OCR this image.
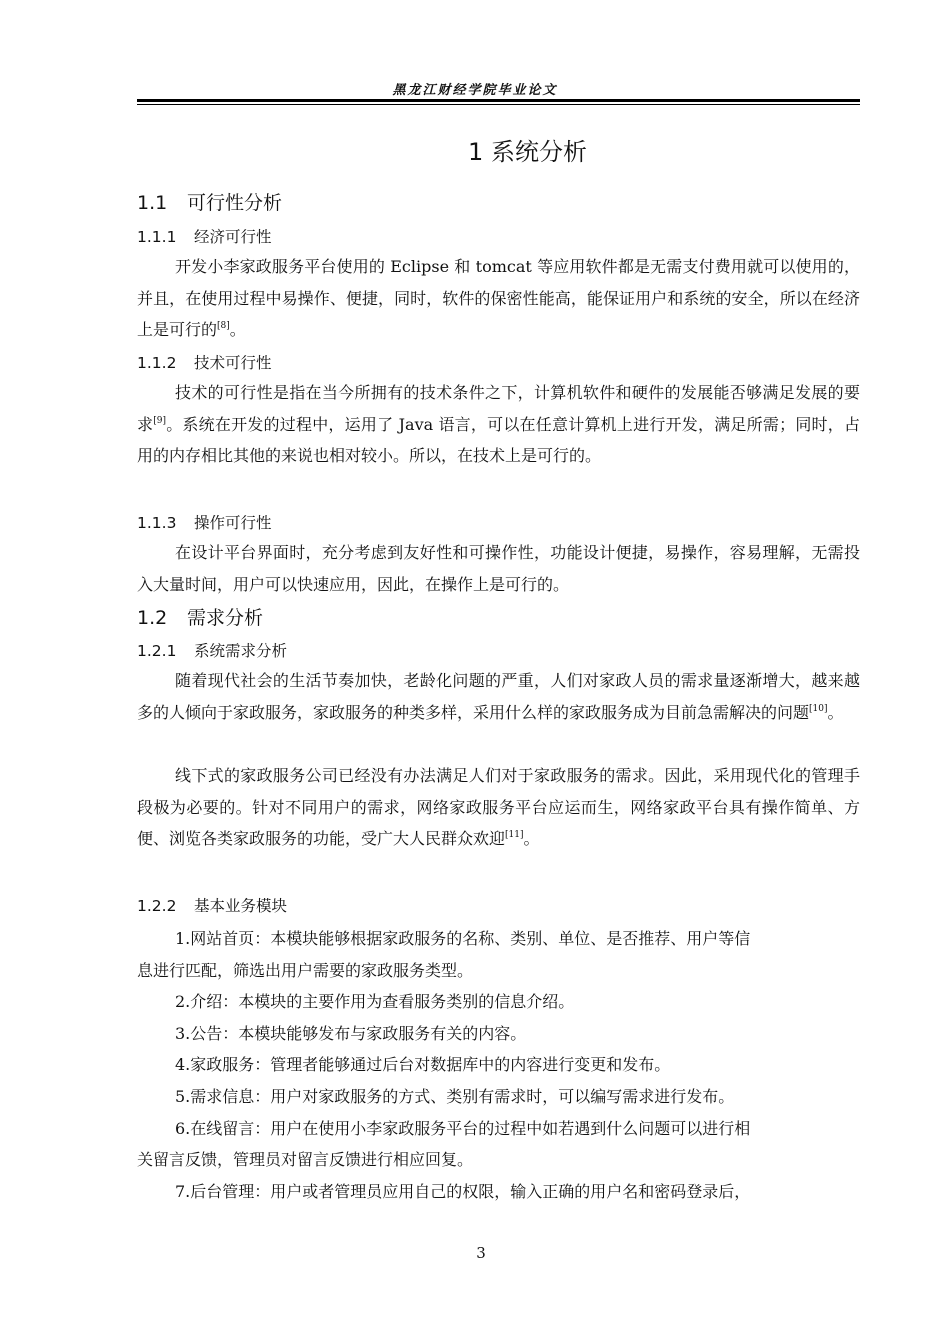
黑龙江财经学院毕业论文
1 系统分析
1.1 可行性分析
1.1.1 经济可行性

开发小李家政服务平台使用的 Eclipse 和 tomcat 等应用软件都是无需支付费用就可以使用的，并且，在使用过程中易操作、便捷，同时，软件的保密性能高，能保证用户和系统的安全，所以在经济上是可行的[8]。

1.1.2 技术可行性

技术的可行性是指在当今所拥有的技术条件之下，计算机软件和硬件的发展能否够满足发展的要求[9]。系统在开发的过程中，运用了 Java 语言，可以在任意计算机上进行开发，满足所需；同时，占用的内存相比其他的来说也相对较小。所以，在技术上是可行的。

1.1.3 操作可行性

在设计平台界面时，充分考虑到友好性和可操作性，功能设计便捷，易操作，容易理解，无需投入大量时间，用户可以快速应用，因此，在操作上是可行的。

1.2 需求分析
1.2.1 系统需求分析

随着现代社会的生活节奏加快，老龄化问题的严重，人们对家政人员的需求量逐渐增大，越来越多的人倾向于家政服务，家政服务的种类多样，采用什么样的家政服务成为目前急需解决的问题[10]。

线下式的家政服务公司已经没有办法满足人们对于家政服务的需求。因此，采用现代化的管理手段极为必要的。针对不同用户的需求，网络家政服务平台应运而生，网络家政平台具有操作简单、方便、浏览各类家政服务的功能，受广大人民群众欢迎[11]。

1.2.2 基本业务模块
1.网站首页：本模块能够根据家政服务的名称、类别、单位、是否推荐、用户等信
息进行匹配，筛选出用户需要的家政服务类型。
2.介绍：本模块的主要作用为查看服务类别的信息介绍。
3.公告：本模块能够发布与家政服务有关的内容。
4.家政服务：管理者能够通过后台对数据库中的内容进行变更和发布。
5.需求信息：用户对家政服务的方式、类别有需求时，可以编写需求进行发布。
6.在线留言：用户在使用小李家政服务平台的过程中如若遇到什么问题可以进行相
关留言反馈，管理员对留言反馈进行相应回复。
7.后台管理：用户或者管理员应用自己的权限，输入正确的用户名和密码登录后，
3
